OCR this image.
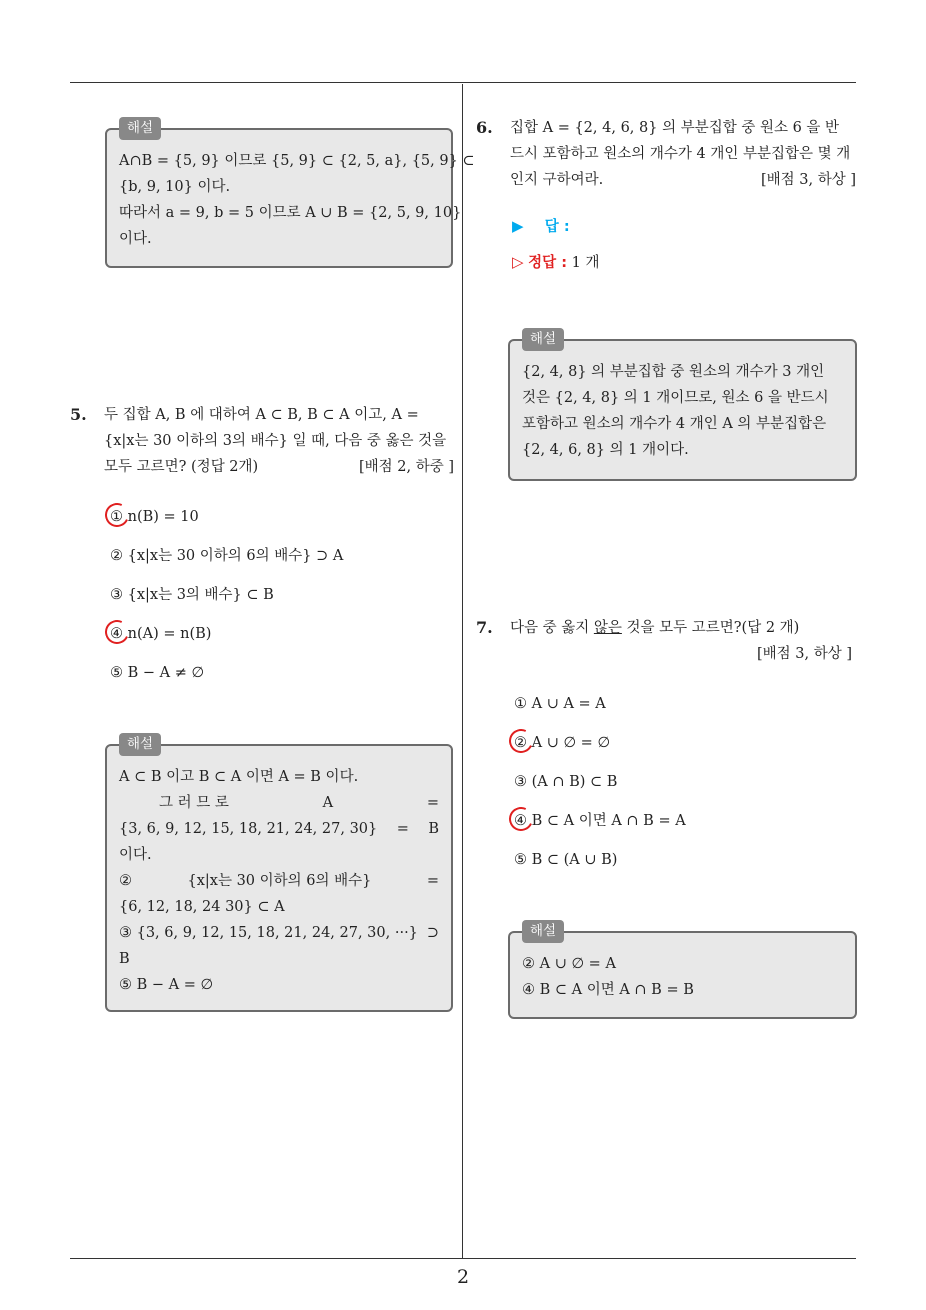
2
해설
A∩B = {5, 9} 이므로 {5, 9} ⊂ {2, 5, a}, {5, 9} ⊂
{b, 9, 10} 이다.
따라서 a = 9, b = 5 이므로 A ∪ B = {2, 5, 9, 10}
이다.
5. 두 집합 A, B 에 대하여 A ⊂ B, B ⊂ A 이고, A =
{x|x는 30 이하의 3의 배수} 일 때, 다음 중 옳은 것을
모두 고르면? (정답 2개)	[배점 2, 하중 ]
① n(B) = 10
② {x|x는 30 이하의 6의 배수} ⊃ A
③ {x|x는 3의 배수} ⊂ B
④ n(A) = n(B)
⑤ B − A ≠ ∅
해설
A ⊂ B 이고 B ⊂ A 이면 A = B 이다.
그 러 므 로	A	=
{3, 6, 9, 12, 15, 18, 21, 24, 27, 30} = B
이다.
②	{x|x는 30 이하의 6의 배수}	=
{6, 12, 18, 24 30} ⊂ A
③ {3, 6, 9, 12, 15, 18, 21, 24, 27, 30, ···} ⊃
B
⑤ B − A = ∅
6. 집합 A = {2, 4, 6, 8} 의 부분집합 중 원소 6 을 반
드시 포함하고 원소의 개수가 4 개인 부분집합은 몇 개
인지 구하여라.	[배점 3, 하상 ]
▶ 답 :
▷ 정답 : 1 개
해설
{2, 4, 8} 의 부분집합 중 원소의 개수가 3 개인
것은 {2, 4, 8} 의 1 개이므로, 원소 6 을 반드시
포함하고 원소의 개수가 4 개인 A 의 부분집합은
{2, 4, 6, 8} 의 1 개이다.
7. 다음 중 옳지 않은 것을 모두 고르면?(답 2 개)
[배점 3, 하상 ]
① A ∪ A = A
② A ∪ ∅ = ∅
③ (A ∩ B) ⊂ B
④ B ⊂ A 이면 A ∩ B = A
⑤ B ⊂ (A ∪ B)
해설
② A ∪ ∅ = A
④ B ⊂ A 이면 A ∩ B = B
